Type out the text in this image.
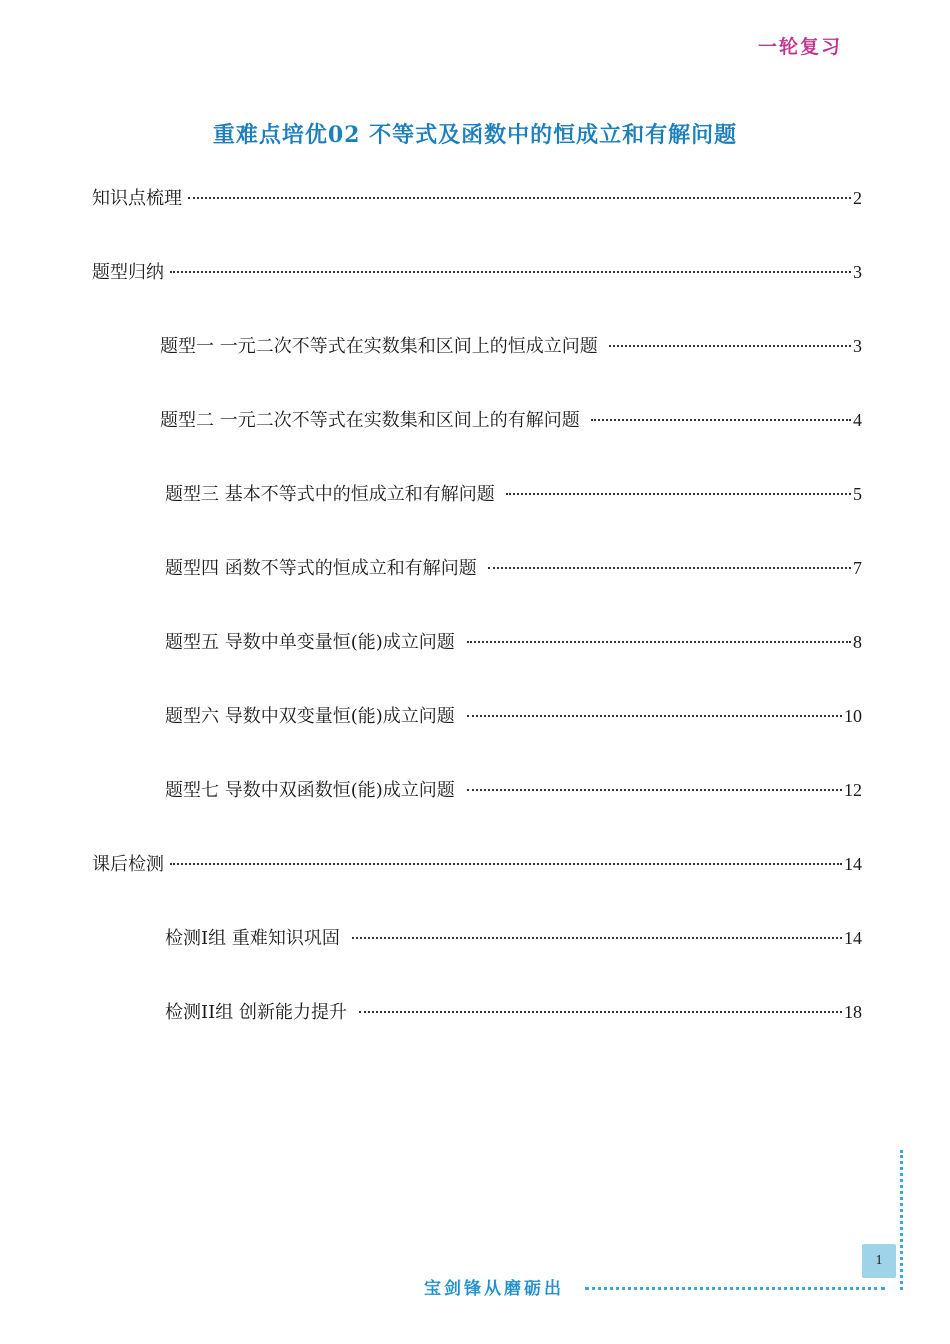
一轮复习
重难点培优02 不等式及函数中的恒成立和有解问题
知识点梳理	2
题型归纳	3
题型一 一元二次不等式在实数集和区间上的恒成立问题	3
题型二 一元二次不等式在实数集和区间上的有解问题	4
题型三 基本不等式中的恒成立和有解问题	5
题型四 函数不等式的恒成立和有解问题	7
题型五 导数中单变量恒(能)成立问题	8
题型六 导数中双变量恒(能)成立问题	10
题型七 导数中双函数恒(能)成立问题	12
课后检测	14
检测I组 重难知识巩固	14
检测II组 创新能力提升	18
1
宝剑锋从磨砺出
